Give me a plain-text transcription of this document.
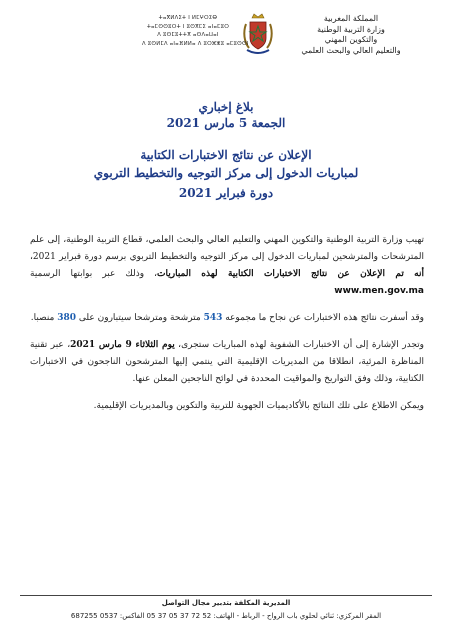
المملكة المغربية
وزارة التربية الوطنية
والتكوين المهني
والتعليم العالي والبحث العلمي
ⵜⴰⴳⵍⴷⵉⵜ ⵏ ⵍⵎⵖⵔⵉⴱ
ⵜⴰⵎⵙⵙⵓⵔⵜ ⵏ ⵓⵙⴳⵎⵉ ⴰⵏⴰⵎⵓⵔ
ⴷ ⵓⵙⵎⵓⵜⵜⴳ ⴰⵙⴷⴰⵡⴰⵏ
ⴷ ⵓⵙⵍⵎⴷ ⴰⵏⴰⴼⵍⵍⴰ ⴷ ⵓⵔⵣⵣⵓ ⴰⵎⵓⵙⵙⵏ
بلاغ إخباري
الجمعة 5 مارس 2021
الإعلان عن نتائج الاختبارات الكتابية
لمباريات الدخول إلى مركز التوجيه والتخطيط التربوي
دورة فبراير 2021

تهيب وزارة التربية الوطنية والتكوين المهني والتعليم العالي والبحث العلمي، قطاع التربية الوطنية، إلى علم المترشحات والمترشحين لمباريات الدخول إلى مركز التوجيه والتخطيط التربوي برسم دورة فبراير 2021، أنه تم الإعلان عن نتائج الاختبارات الكتابية لهذه المباريات، وذلك عبر بوابتها الرسمية www.men.gov.ma

وقد أسفرت نتائج هذه الاختبارات عن نجاح ما مجموعه 543 مترشحة ومترشحا سيتبارون على 380 منصبا.

وتجدر الإشارة إلى أن الاختبارات الشفوية لهذه المباريات ستجرى، يوم الثلاثاء 9 مارس 2021، عبر تقنية المناظرة المرئية، انطلاقا من المديريات الإقليمية التي ينتمي إليها المترشحون الناجحون في الاختبارات الكتابية، وذلك وفق التواريخ والمواقيت المحددة في لوائح الناجحين المعلن عنها.

ويمكن الاطلاع على تلك النتائج بالأكاديميات الجهوية للتربية والتكوين وبالمديريات الإقليمية.

المديرية المكلفة بتدبير مجال التواصل
المقر المركزي: ثنائي لحلوي باب الرواح - الرباط - الهاتف: 52 72 37 05 37 05 الفاكس: 0537 687255
